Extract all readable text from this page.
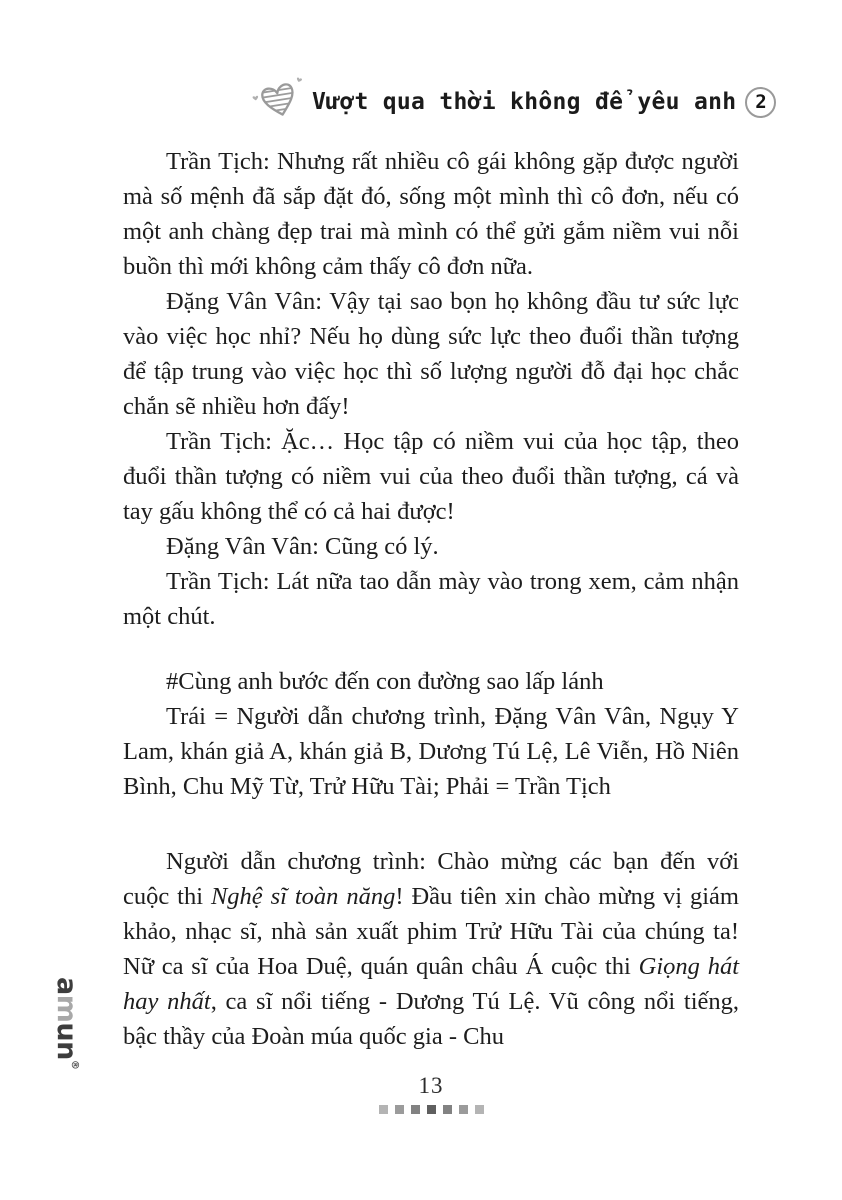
Vượt qua thời không để yêu anh 2

Trần Tịch: Nhưng rất nhiều cô gái không gặp được người mà số mệnh đã sắp đặt đó, sống một mình thì cô đơn, nếu có một anh chàng đẹp trai mà mình có thể gửi gắm niềm vui nỗi buồn thì mới không cảm thấy cô đơn nữa.

Đặng Vân Vân: Vậy tại sao bọn họ không đầu tư sức lực vào việc học nhỉ? Nếu họ dùng sức lực theo đuổi thần tượng để tập trung vào việc học thì số lượng người đỗ đại học chắc chắn sẽ nhiều hơn đấy!

Trần Tịch: Ặc… Học tập có niềm vui của học tập, theo đuổi thần tượng có niềm vui của theo đuổi thần tượng, cá và tay gấu không thể có cả hai được!

Đặng Vân Vân: Cũng có lý.

Trần Tịch: Lát nữa tao dẫn mày vào trong xem, cảm nhận một chút.

#Cùng anh bước đến con đường sao lấp lánh

Trái = Người dẫn chương trình, Đặng Vân Vân, Ngụy Y Lam, khán giả A, khán giả B, Dương Tú Lệ, Lê Viễn, Hồ Niên Bình, Chu Mỹ Từ, Trử Hữu Tài; Phải = Trần Tịch

Người dẫn chương trình: Chào mừng các bạn đến với cuộc thi Nghệ sĩ toàn năng! Đầu tiên xin chào mừng vị giám khảo, nhạc sĩ, nhà sản xuất phim Trử Hữu Tài của chúng ta! Nữ ca sĩ của Hoa Duệ, quán quân châu Á cuộc thi Giọng hát hay nhất, ca sĩ nổi tiếng - Dương Tú Lệ. Vũ công nổi tiếng, bậc thầy của Đoàn múa quốc gia - Chu

13
amun®
